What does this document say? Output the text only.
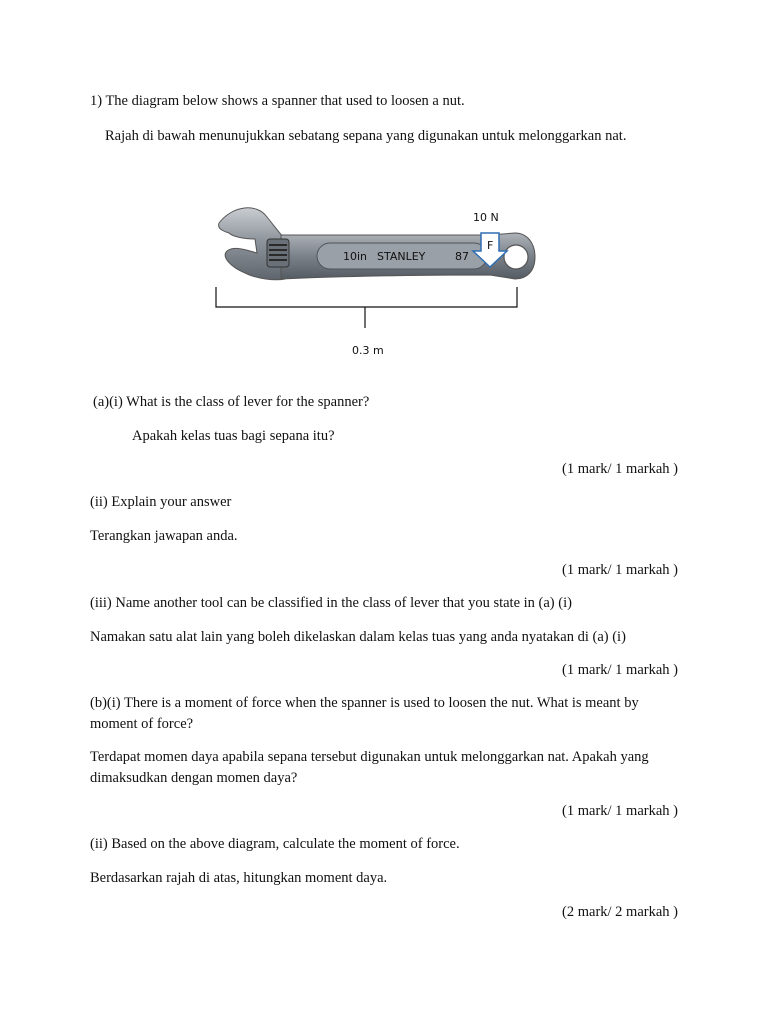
1) The diagram below shows a spanner that used to loosen a nut.
Rajah di bawah menunujukkan sebatang sepana yang digunakan untuk melonggarkan nat.
10in STANLEY	87
10 N
F
0.3 m
(a)(i) What is the class of lever for the spanner?
Apakah kelas tuas bagi sepana itu?
(1 mark/ 1 markah )
(ii) Explain your answer
Terangkan jawapan anda.
(1 mark/ 1 markah )
(iii) Name another tool can be classified in the class of lever that you state in (a) (i)
Namakan satu alat lain yang boleh dikelaskan dalam kelas tuas yang anda nyatakan di (a) (i)
(1 mark/ 1 markah )
(b)(i) There is a moment of force when the spanner is used to loosen the nut. What is meant by moment of force?
Terdapat momen daya apabila sepana tersebut digunakan untuk melonggarkan nat. Apakah yang dimaksudkan dengan momen daya?
(1 mark/ 1 markah )
(ii) Based on the above diagram, calculate the moment of force.
Berdasarkan rajah di atas, hitungkan moment daya.
(2 mark/ 2 markah )
